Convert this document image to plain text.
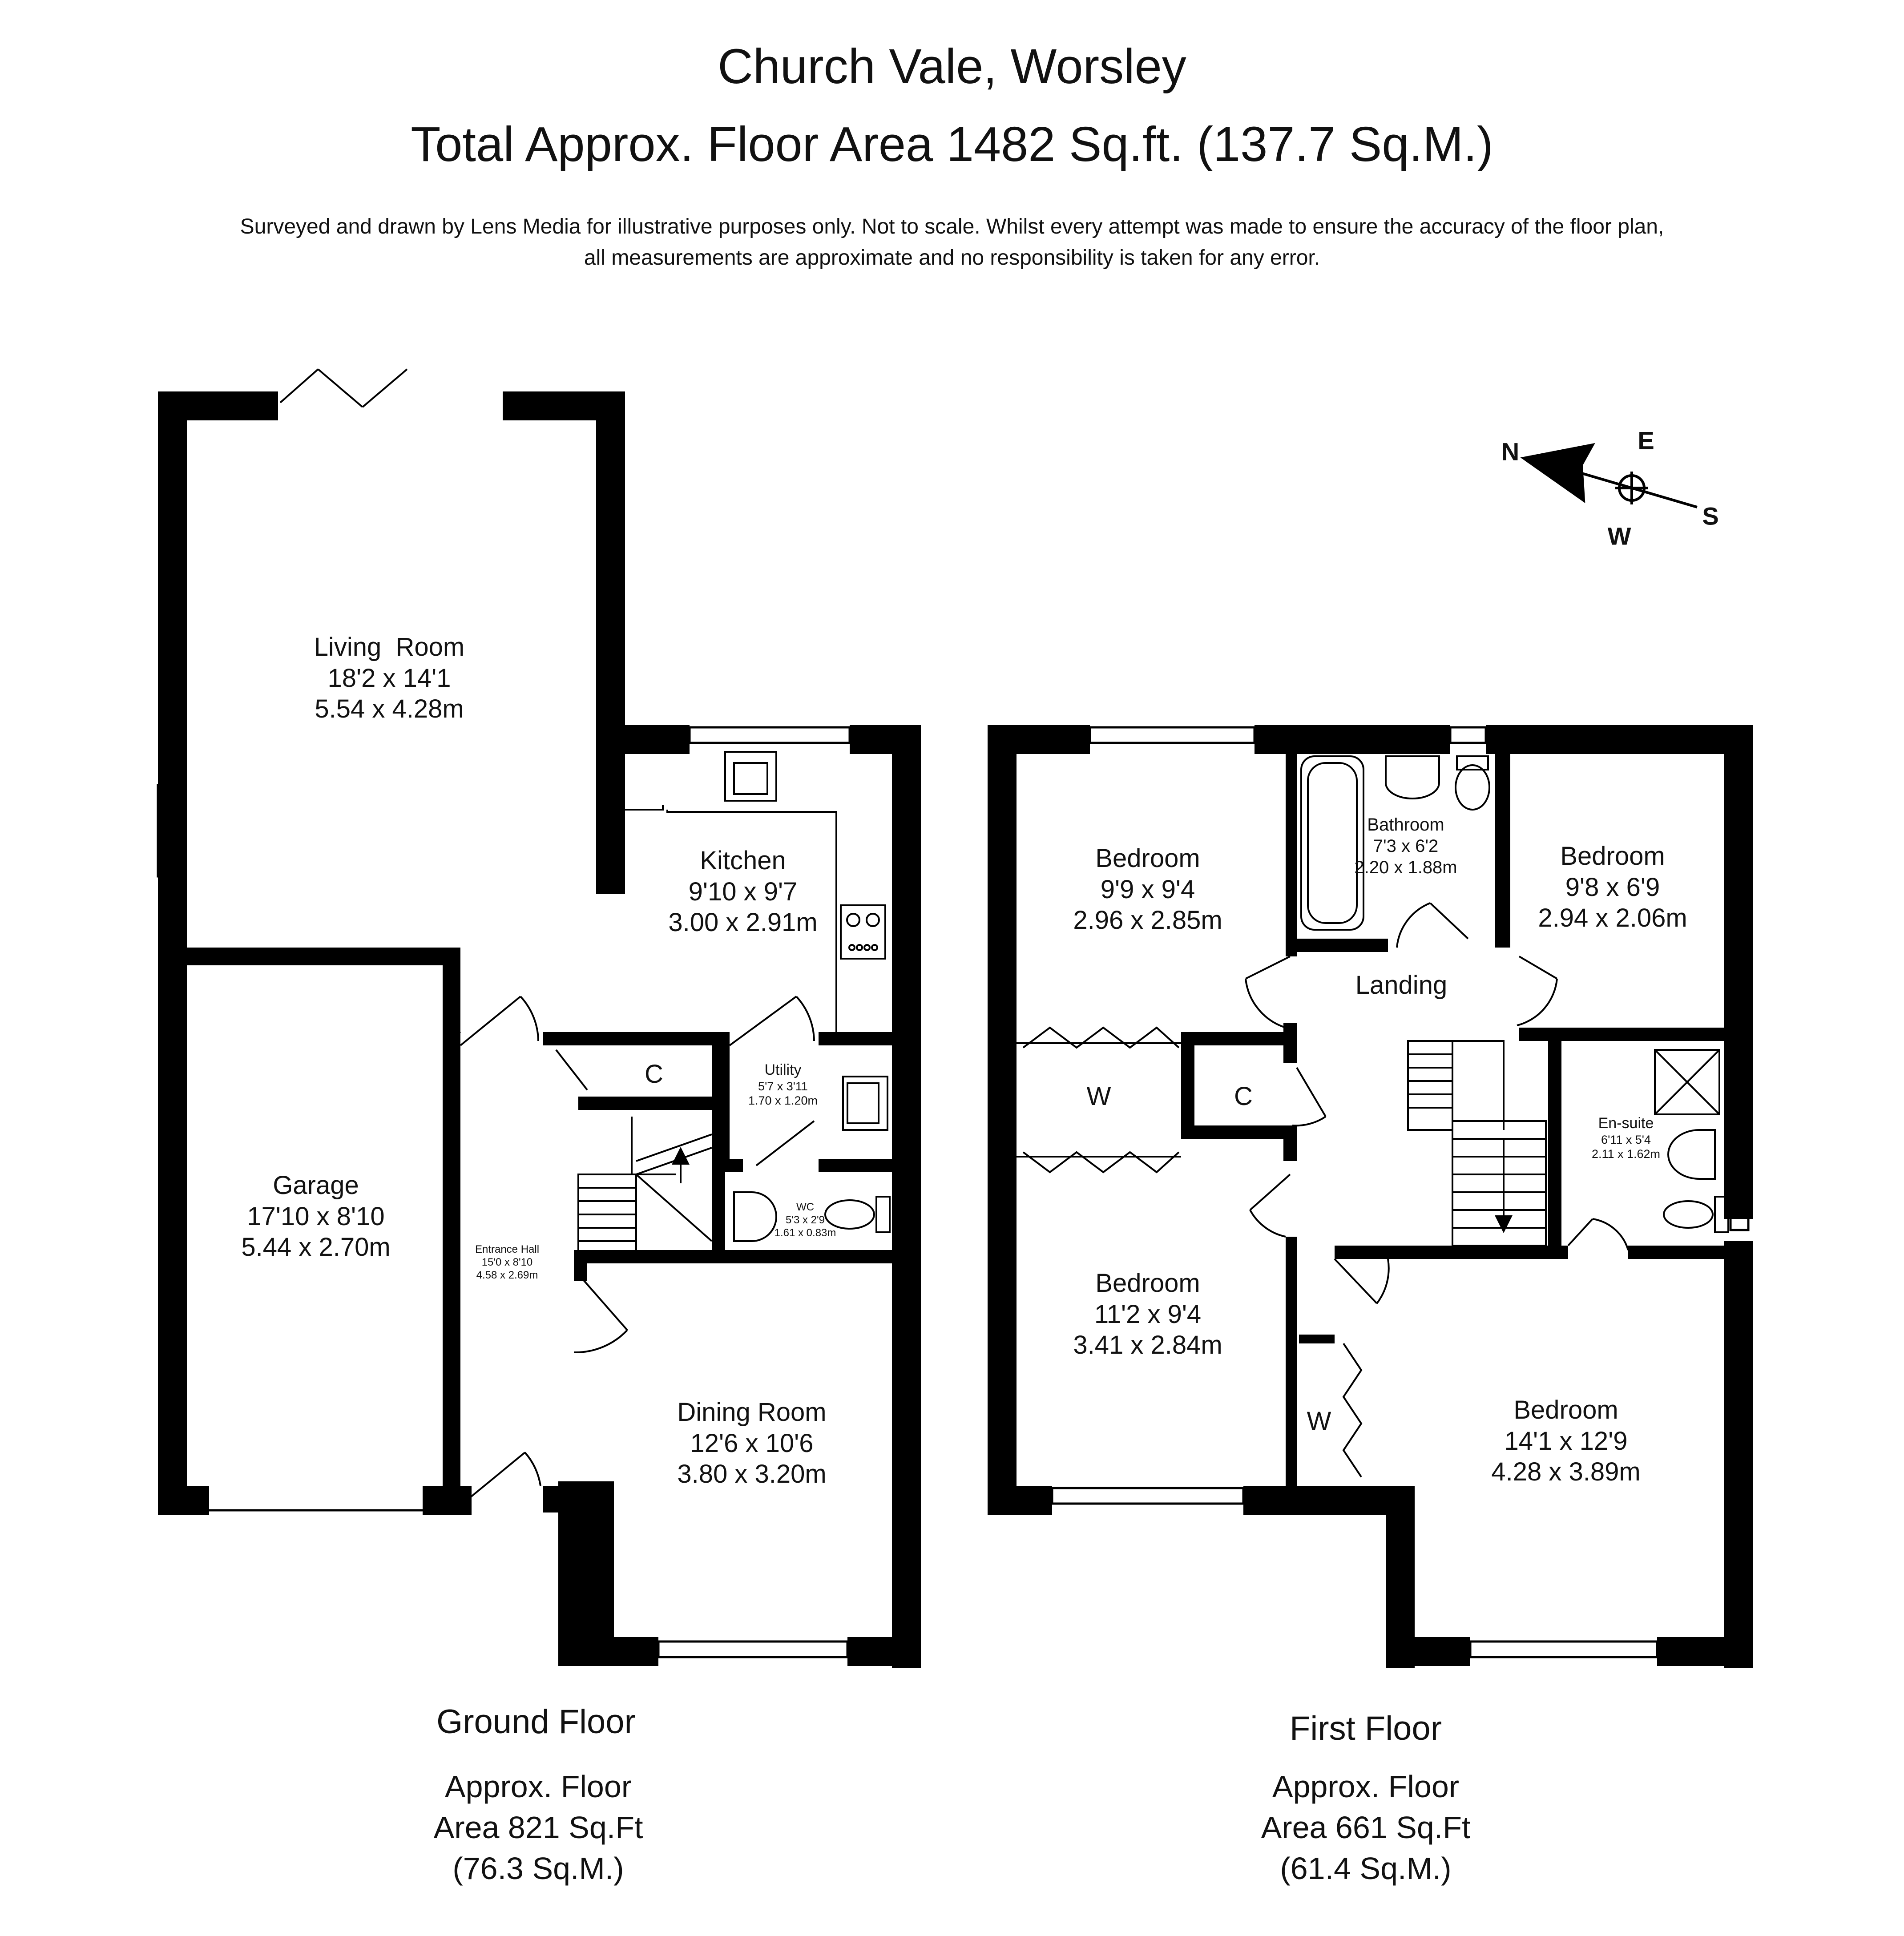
Church Vale, Worsley
Total Approx. Floor Area 1482 Sq.ft. (137.7 Sq.M.)
Surveyed and drawn by Lens Media for illustrative purposes only. Not to scale. Whilst every attempt was made to ensure the accuracy of the floor plan,
all measurements are approximate and no responsibility is taken for any error.
N	E
S
W
Living  Room
18'2 x 14'1
5.54 x 4.28m
Kitchen
9'10 x 9'7
3.00 x 2.91m
Garage
17'10 x 8'10
5.44 x 2.70m	Entrance Hall
15'0 x 8'10
4.58 x 2.69m
C	Utility
5'7 x 3'11
1.70 x 1.20m
WC
5'3 x 2'9
1.61 x 0.83m
Dining Room
12'6 x 10'6
3.80 x 3.20m
Ground Floor
Approx. Floor
Area 821 Sq.Ft
(76.3 Sq.M.)
Bedroom
9'9 x 9'4
2.96 x 2.85m
Bathroom
7'3 x 6'2
2.20 x 1.88m	Bedroom
9'8 x 6'9
2.94 x 2.06m
Landing
W	C
En-suite
6'11 x 5'4
2.11 x 1.62m
Bedroom
11'2 x 9'4
3.41 x 2.84m
W	Bedroom
14'1 x 12'9
4.28 x 3.89m
First Floor
Approx. Floor
Area 661 Sq.Ft
(61.4 Sq.M.)
